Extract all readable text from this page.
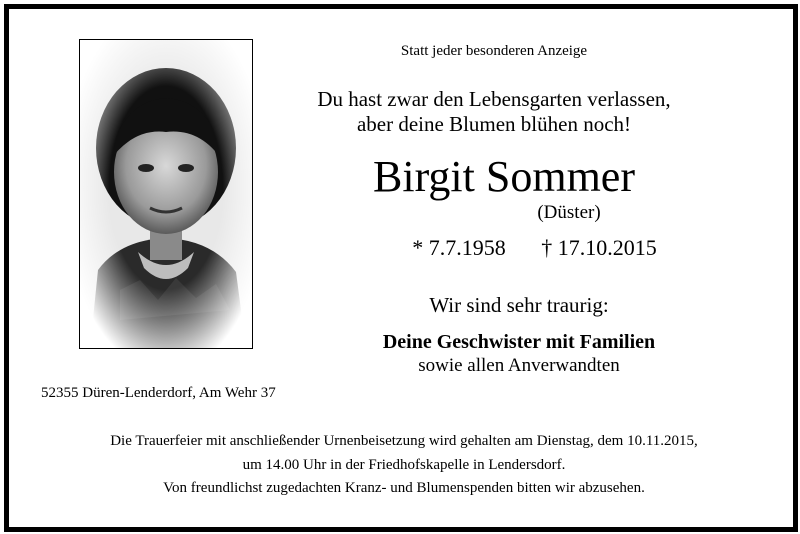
Statt jeder besonderen Anzeige
Du hast zwar den Lebensgarten verlassen,
aber deine Blumen blühen noch!
Birgit Sommer
(Düster)
* 7.7.1958	† 17.10.2015
Wir sind sehr traurig:
Deine Geschwister mit Familien
sowie allen Anverwandten
52355 Düren-Lenderdorf, Am Wehr 37
Die Trauerfeier mit anschließender Urnenbeisetzung wird gehalten am Dienstag, dem 10.11.2015,
um 14.00 Uhr in der Friedhofskapelle in Lendersdorf.
Von freundlichst zugedachten Kranz- und Blumenspenden bitten wir abzusehen.
